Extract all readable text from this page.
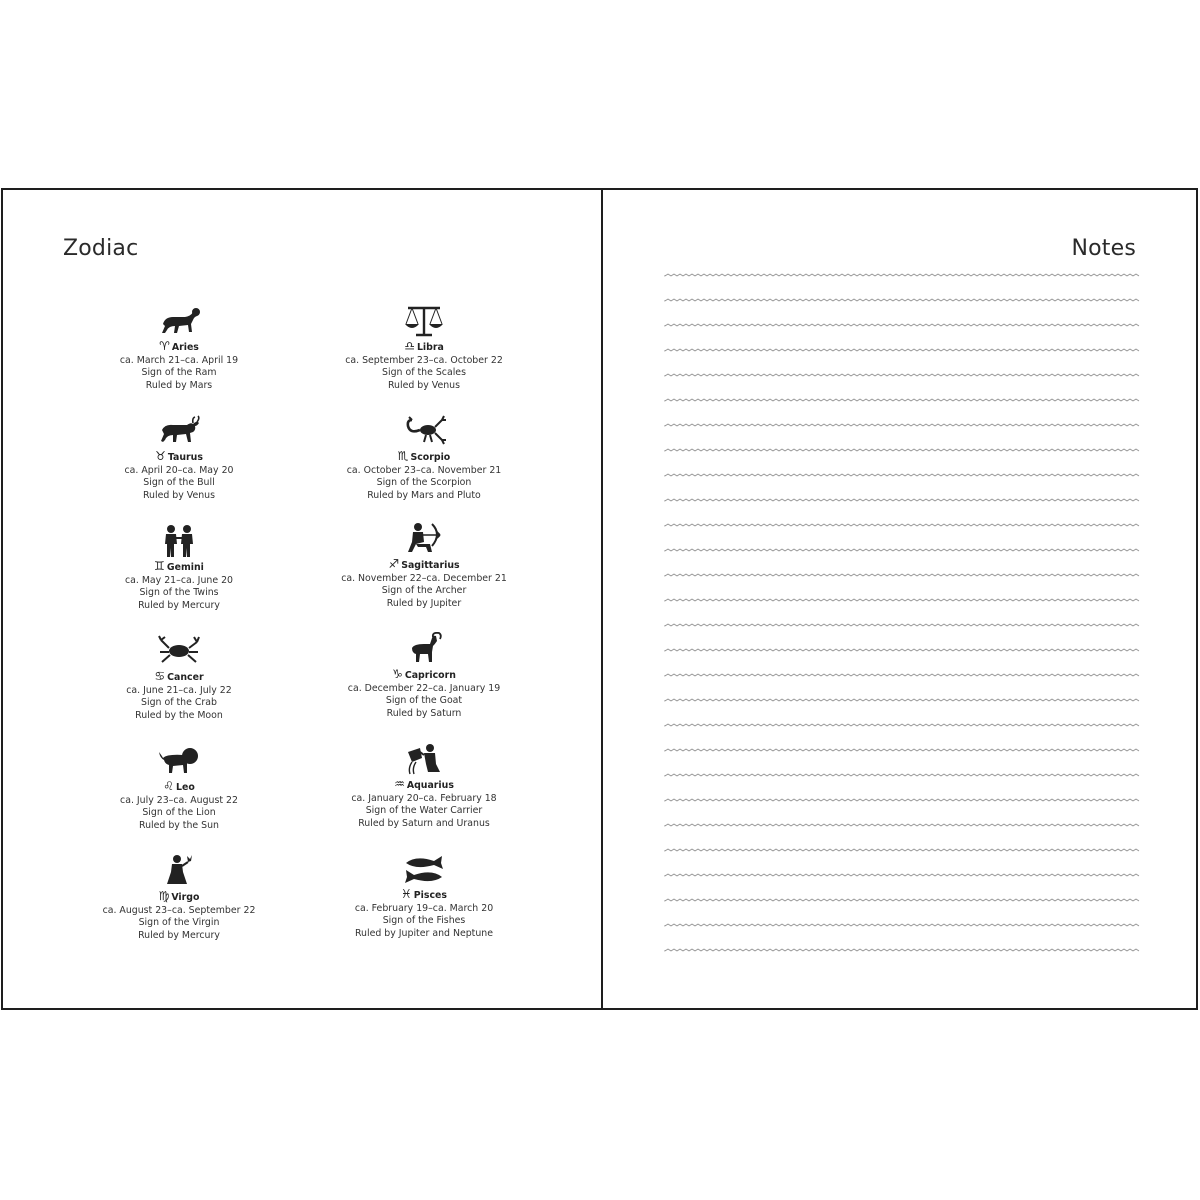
Zodiac	Notes
♈ Aries
ca. March 21–ca. April 19
Sign of the Ram
Ruled by Mars
♉ Taurus
ca. April 20–ca. May 20
Sign of the Bull
Ruled by Venus
♊ Gemini
ca. May 21–ca. June 20
Sign of the Twins
Ruled by Mercury
♋ Cancer
ca. June 21–ca. July 22
Sign of the Crab
Ruled by the Moon
♌ Leo
ca. July 23–ca. August 22
Sign of the Lion
Ruled by the Sun
♍ Virgo
ca. August 23–ca. September 22
Sign of the Virgin
Ruled by Mercury
♎ Libra
ca. September 23–ca. October 22
Sign of the Scales
Ruled by Venus
♏ Scorpio
ca. October 23–ca. November 21
Sign of the Scorpion
Ruled by Mars and Pluto
♐ Sagittarius
ca. November 22–ca. December 21
Sign of the Archer
Ruled by Jupiter
♑ Capricorn
ca. December 22–ca. January 19
Sign of the Goat
Ruled by Saturn
♒ Aquarius
ca. January 20–ca. February 18
Sign of the Water Carrier
Ruled by Saturn and Uranus
♓ Pisces
ca. February 19–ca. March 20
Sign of the Fishes
Ruled by Jupiter and Neptune
